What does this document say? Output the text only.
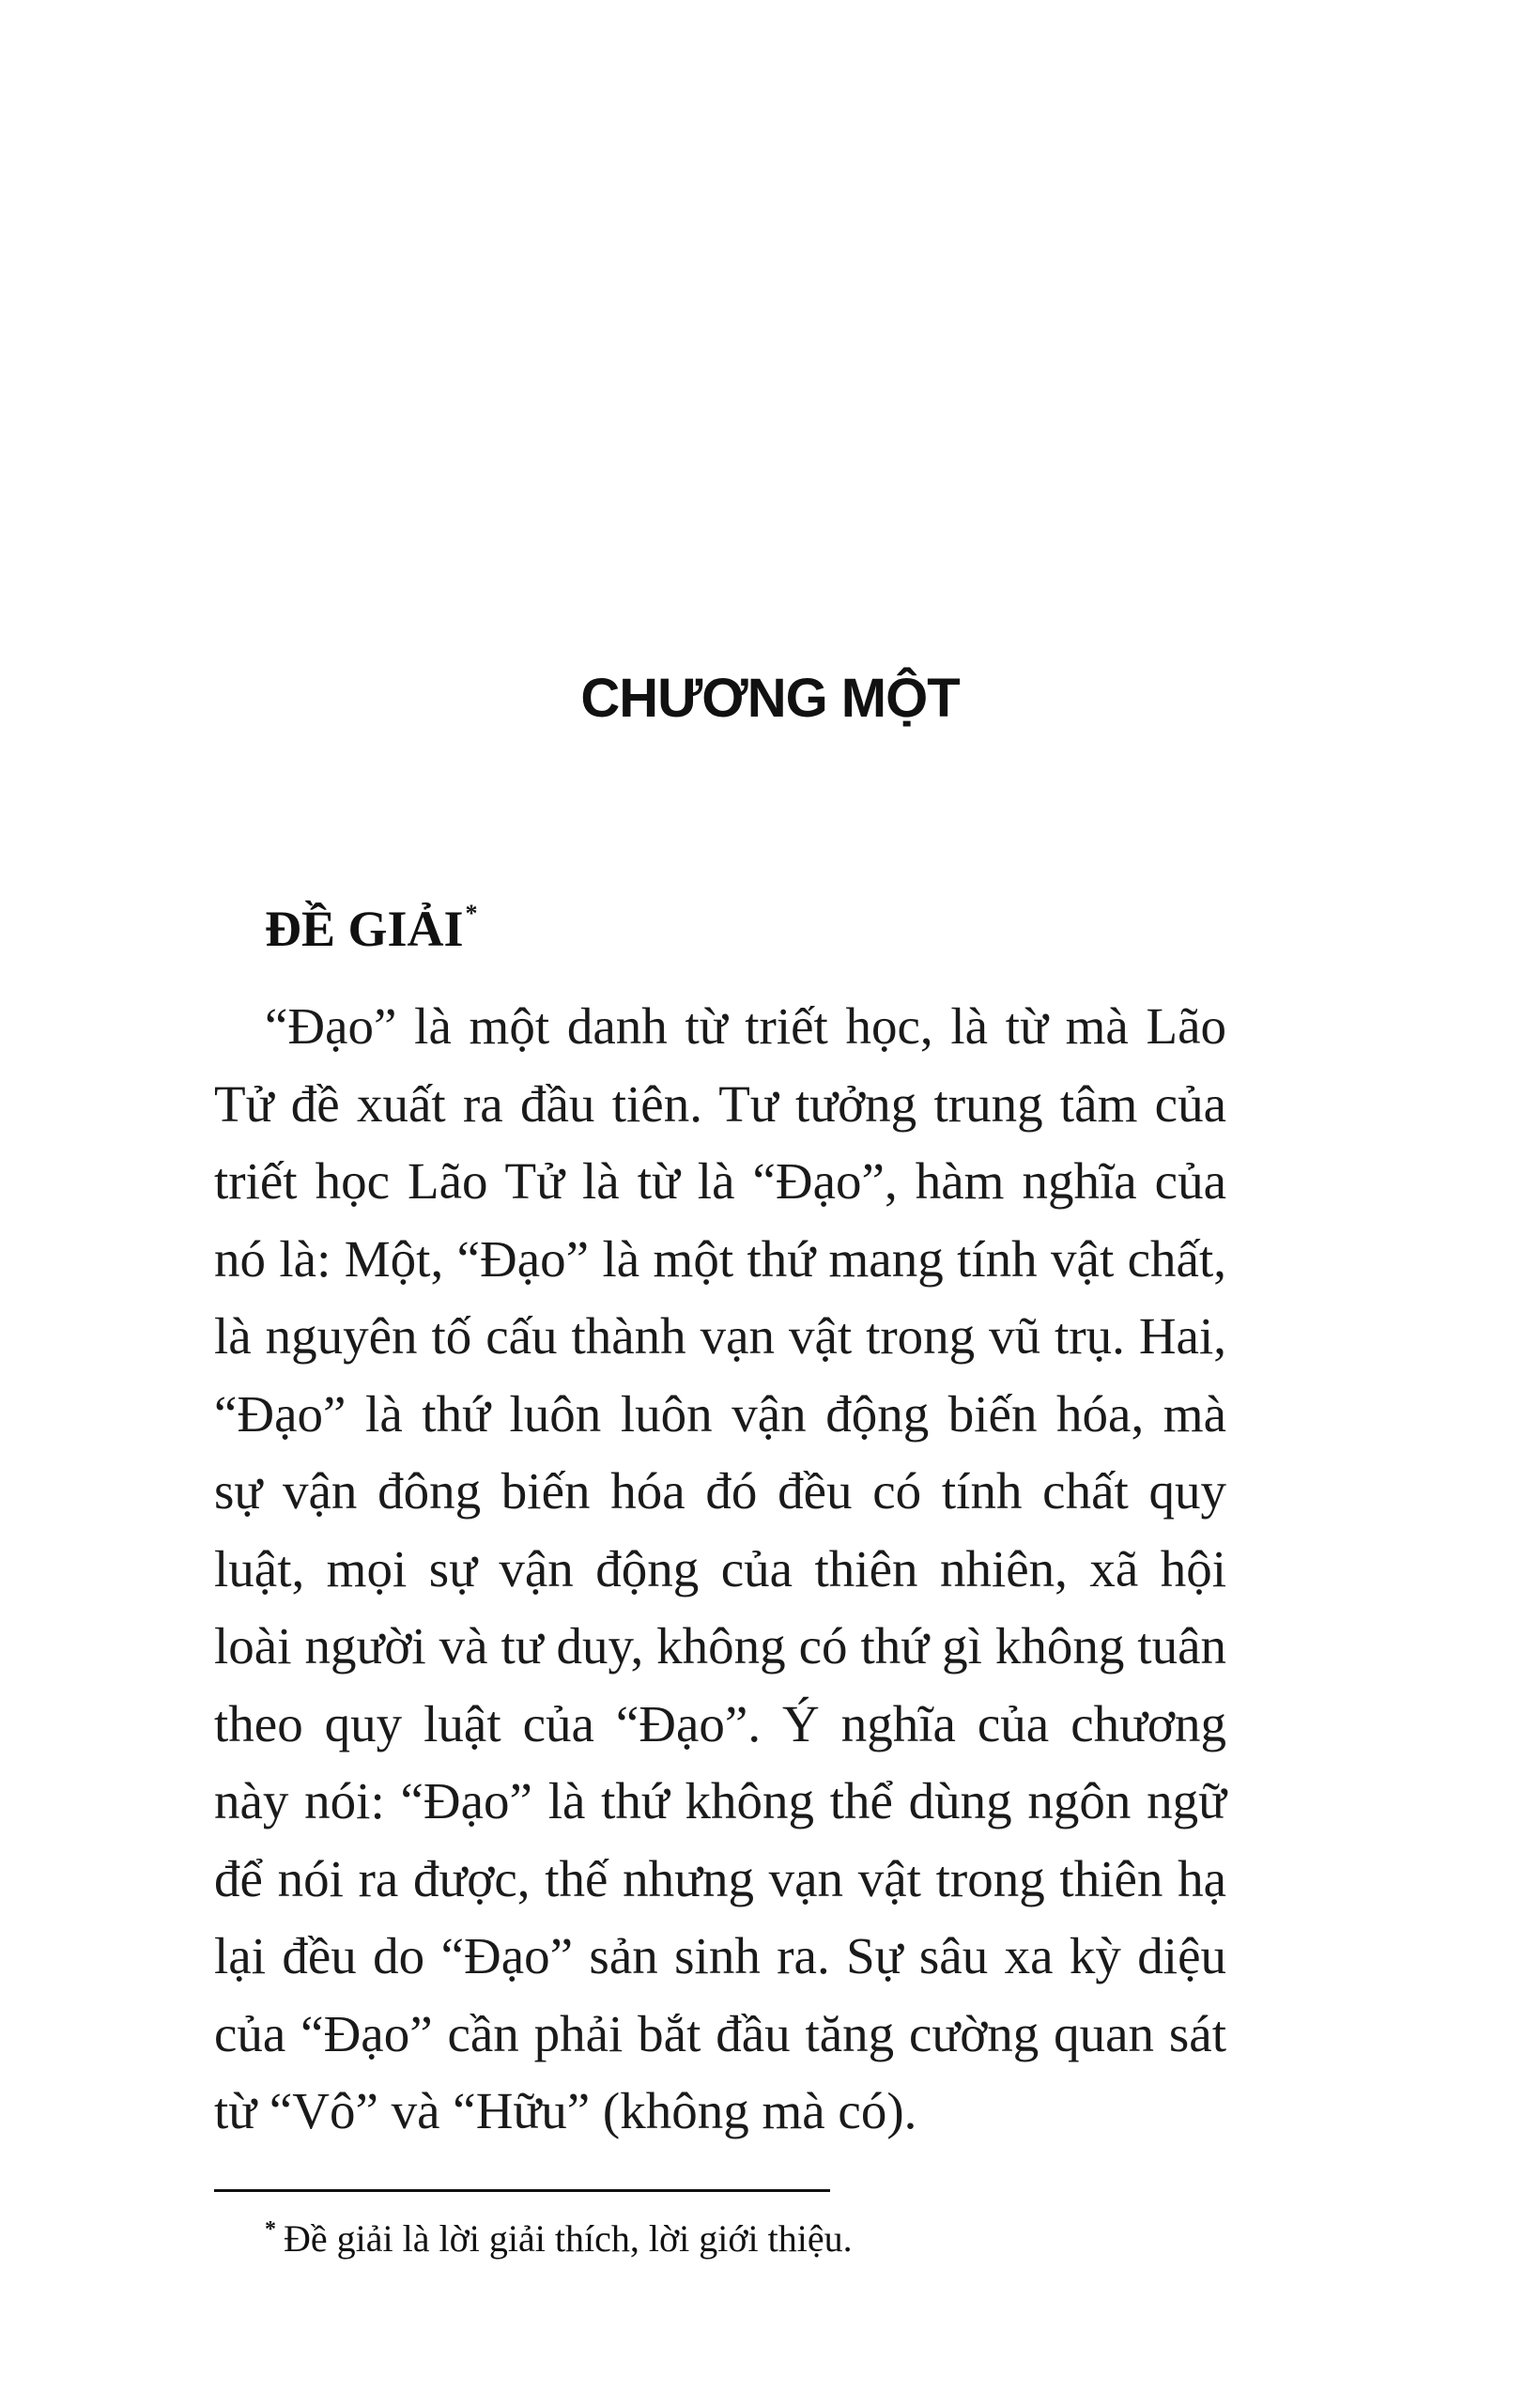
CHƯƠNG MỘT
ĐỀ GIẢI*

“Đạo” là một danh từ triết học, là từ mà Lão Tử đề xuất ra đầu tiên. Tư tưởng trung tâm của triết học Lão Tử là từ là “Đạo”, hàm nghĩa của nó là: Một, “Đạo” là một thứ mang tính vật chất, là nguyên tố cấu thành vạn vật trong vũ trụ. Hai, “Đạo” là thứ luôn luôn vận động biến hóa, mà sự vận đông biến hóa đó đều có tính chất quy luật, mọi sự vận động của thiên nhiên, xã hội loài người và tư duy, không có thứ gì không tuân theo quy luật của “Đạo”. Ý nghĩa của chương này nói: “Đạo” là thứ không thể dùng ngôn ngữ để nói ra được, thế nhưng vạn vật trong thiên hạ lại đều do “Đạo” sản sinh ra. Sự sâu xa kỳ diệu của “Đạo” cần phải bắt đầu tăng cường quan sát từ “Vô” và “Hữu” (không mà có).

* Đề giải là lời giải thích, lời giới thiệu.
